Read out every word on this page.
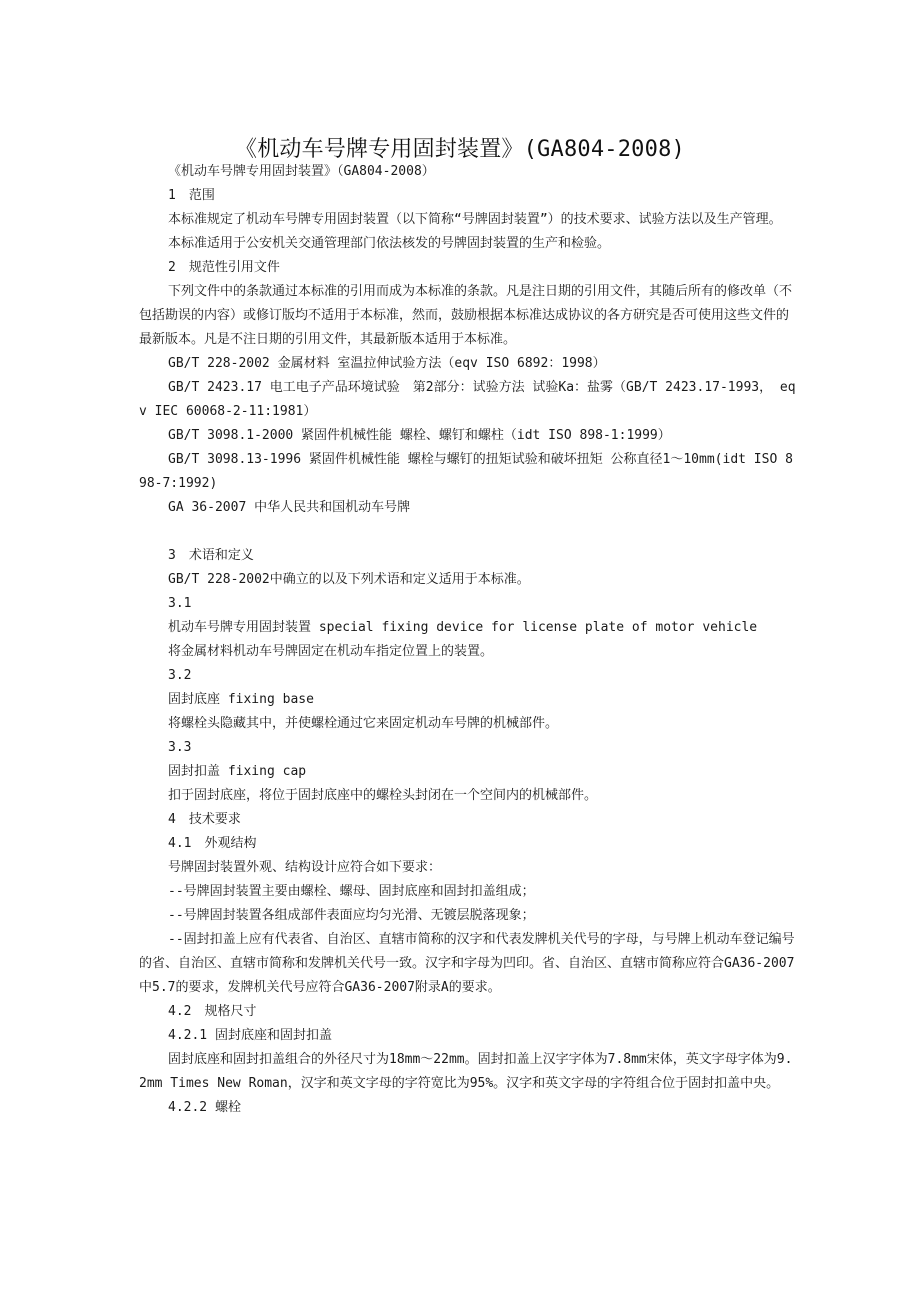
《机动车号牌专用固封装置》(GA804-2008)

《机动车号牌专用固封装置》（GA804-2008）

1　范围

本标准规定了机动车号牌专用固封装置（以下简称“号牌固封装置”）的技术要求、试验方法以及生产管理。

本标准适用于公安机关交通管理部门依法核发的号牌固封装置的生产和检验。

2　规范性引用文件

下列文件中的条款通过本标准的引用而成为本标准的条款。凡是注日期的引用文件，其随后所有的修改单（不包括勘误的内容）或修订版均不适用于本标准，然而，鼓励根据本标准达成协议的各方研究是否可使用这些文件的最新版本。凡是不注日期的引用文件，其最新版本适用于本标准。

GB/T 228-2002 金属材料 室温拉伸试验方法（eqv ISO 6892：1998）

GB/T 2423.17 电工电子产品环境试验　第2部分：试验方法 试验Ka：盐雾（GB/T 2423.17-1993， eqv IEC 60068-2-11:1981）

GB/T 3098.1-2000 紧固件机械性能 螺栓、螺钉和螺柱（idt ISO 898-1:1999）

GB/T 3098.13-1996 紧固件机械性能 螺栓与螺钉的扭矩试验和破坏扭矩 公称直径1～10mm(idt ISO 898-7:1992)

GA 36-2007 中华人民共和国机动车号牌

3　术语和定义

GB/T 228-2002中确立的以及下列术语和定义适用于本标准。

3.1

机动车号牌专用固封装置 special fixing device for license plate of motor vehicle

将金属材料机动车号牌固定在机动车指定位置上的装置。

3.2

固封底座 fixing base

将螺栓头隐藏其中，并使螺栓通过它来固定机动车号牌的机械部件。

3.3

固封扣盖 fixing cap

扣于固封底座，将位于固封底座中的螺栓头封闭在一个空间内的机械部件。

4　技术要求

4.1　外观结构

号牌固封装置外观、结构设计应符合如下要求：

--号牌固封装置主要由螺栓、螺母、固封底座和固封扣盖组成；

--号牌固封装置各组成部件表面应均匀光滑、无镀层脱落现象；

--固封扣盖上应有代表省、自治区、直辖市简称的汉字和代表发牌机关代号的字母，与号牌上机动车登记编号的省、自治区、直辖市简称和发牌机关代号一致。汉字和字母为凹印。省、自治区、直辖市简称应符合GA36-2007中5.7的要求，发牌机关代号应符合GA36-2007附录A的要求。

4.2　规格尺寸

4.2.1 固封底座和固封扣盖

固封底座和固封扣盖组合的外径尺寸为18mm～22mm。固封扣盖上汉字字体为7.8mm宋体，英文字母字体为9.2mm Times New Roman，汉字和英文字母的字符宽比为95%。汉字和英文字母的字符组合位于固封扣盖中央。

4.2.2 螺栓
